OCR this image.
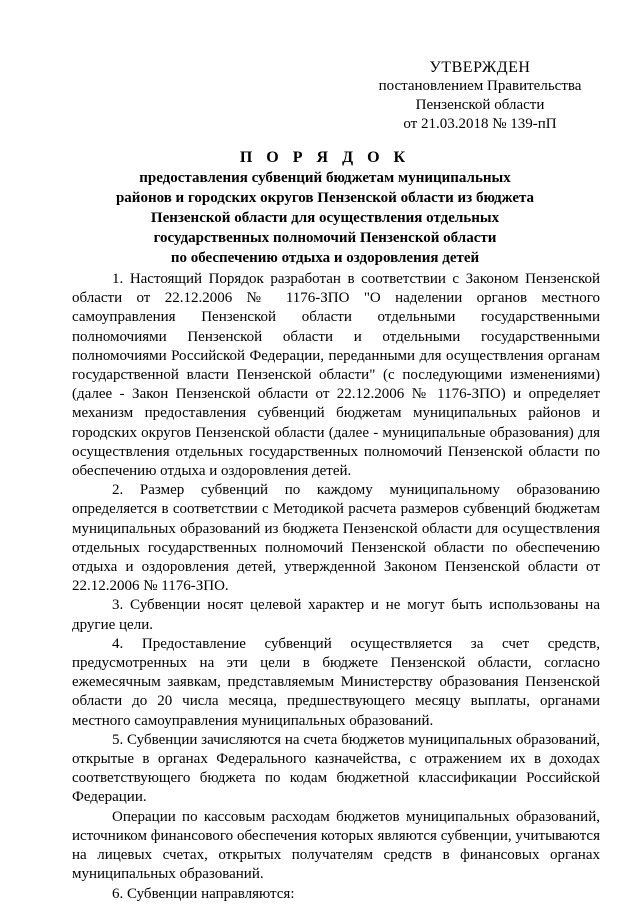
УТВЕРЖДЕН
постановлением Правительства
Пензенской области
от 21.03.2018 № 139-пП
П О Р Я Д О К
предоставления субвенций бюджетам муниципальных
районов и городских округов Пензенской области из бюджета
Пензенской области для осуществления отдельных
государственных полномочий Пензенской области
по обеспечению отдыха и оздоровления детей

1. Настоящий Порядок разработан в соответствии с Законом Пензенской области от 22.12.2006 № 1176-ЗПО "О наделении органов местного самоуправления Пензенской области отдельными государственными полномочиями Пензенской области и отдельными государственными полномочиями Российской Федерации, переданными для осуществления органам государственной власти Пензенской области" (с последующими изменениями) (далее - Закон Пензенской области от 22.12.2006 № 1176-ЗПО) и определяет механизм предоставления субвенций бюджетам муниципальных районов и городских округов Пензенской области (далее - муниципальные образования) для осуществления отдельных государственных полномочий Пензенской области по обеспечению отдыха и оздоровления детей.

2. Размер субвенций по каждому муниципальному образованию определяется в соответствии с Методикой расчета размеров субвенций бюджетам муниципальных образований из бюджета Пензенской области для осуществления отдельных государственных полномочий Пензенской области по обеспечению отдыха и оздоровления детей, утвержденной Законом Пензенской области от 22.12.2006 № 1176-ЗПО.

3. Субвенции носят целевой характер и не могут быть использованы на другие цели.

4. Предоставление субвенций осуществляется за счет средств, предусмотренных на эти цели в бюджете Пензенской области, согласно ежемесячным заявкам, представляемым Министерству образования Пензенской области до 20 числа месяца, предшествующего месяцу выплаты, органами местного самоуправления муниципальных образований.

5. Субвенции зачисляются на счета бюджетов муниципальных образований, открытые в органах Федерального казначейства, с отражением их в доходах соответствующего бюджета по кодам бюджетной классификации Российской Федерации.

Операции по кассовым расходам бюджетов муниципальных образований, источником финансового обеспечения которых являются субвенции, учитываются на лицевых счетах, открытых получателям средств в финансовых органах муниципальных образований.

6. Субвенции направляются:
